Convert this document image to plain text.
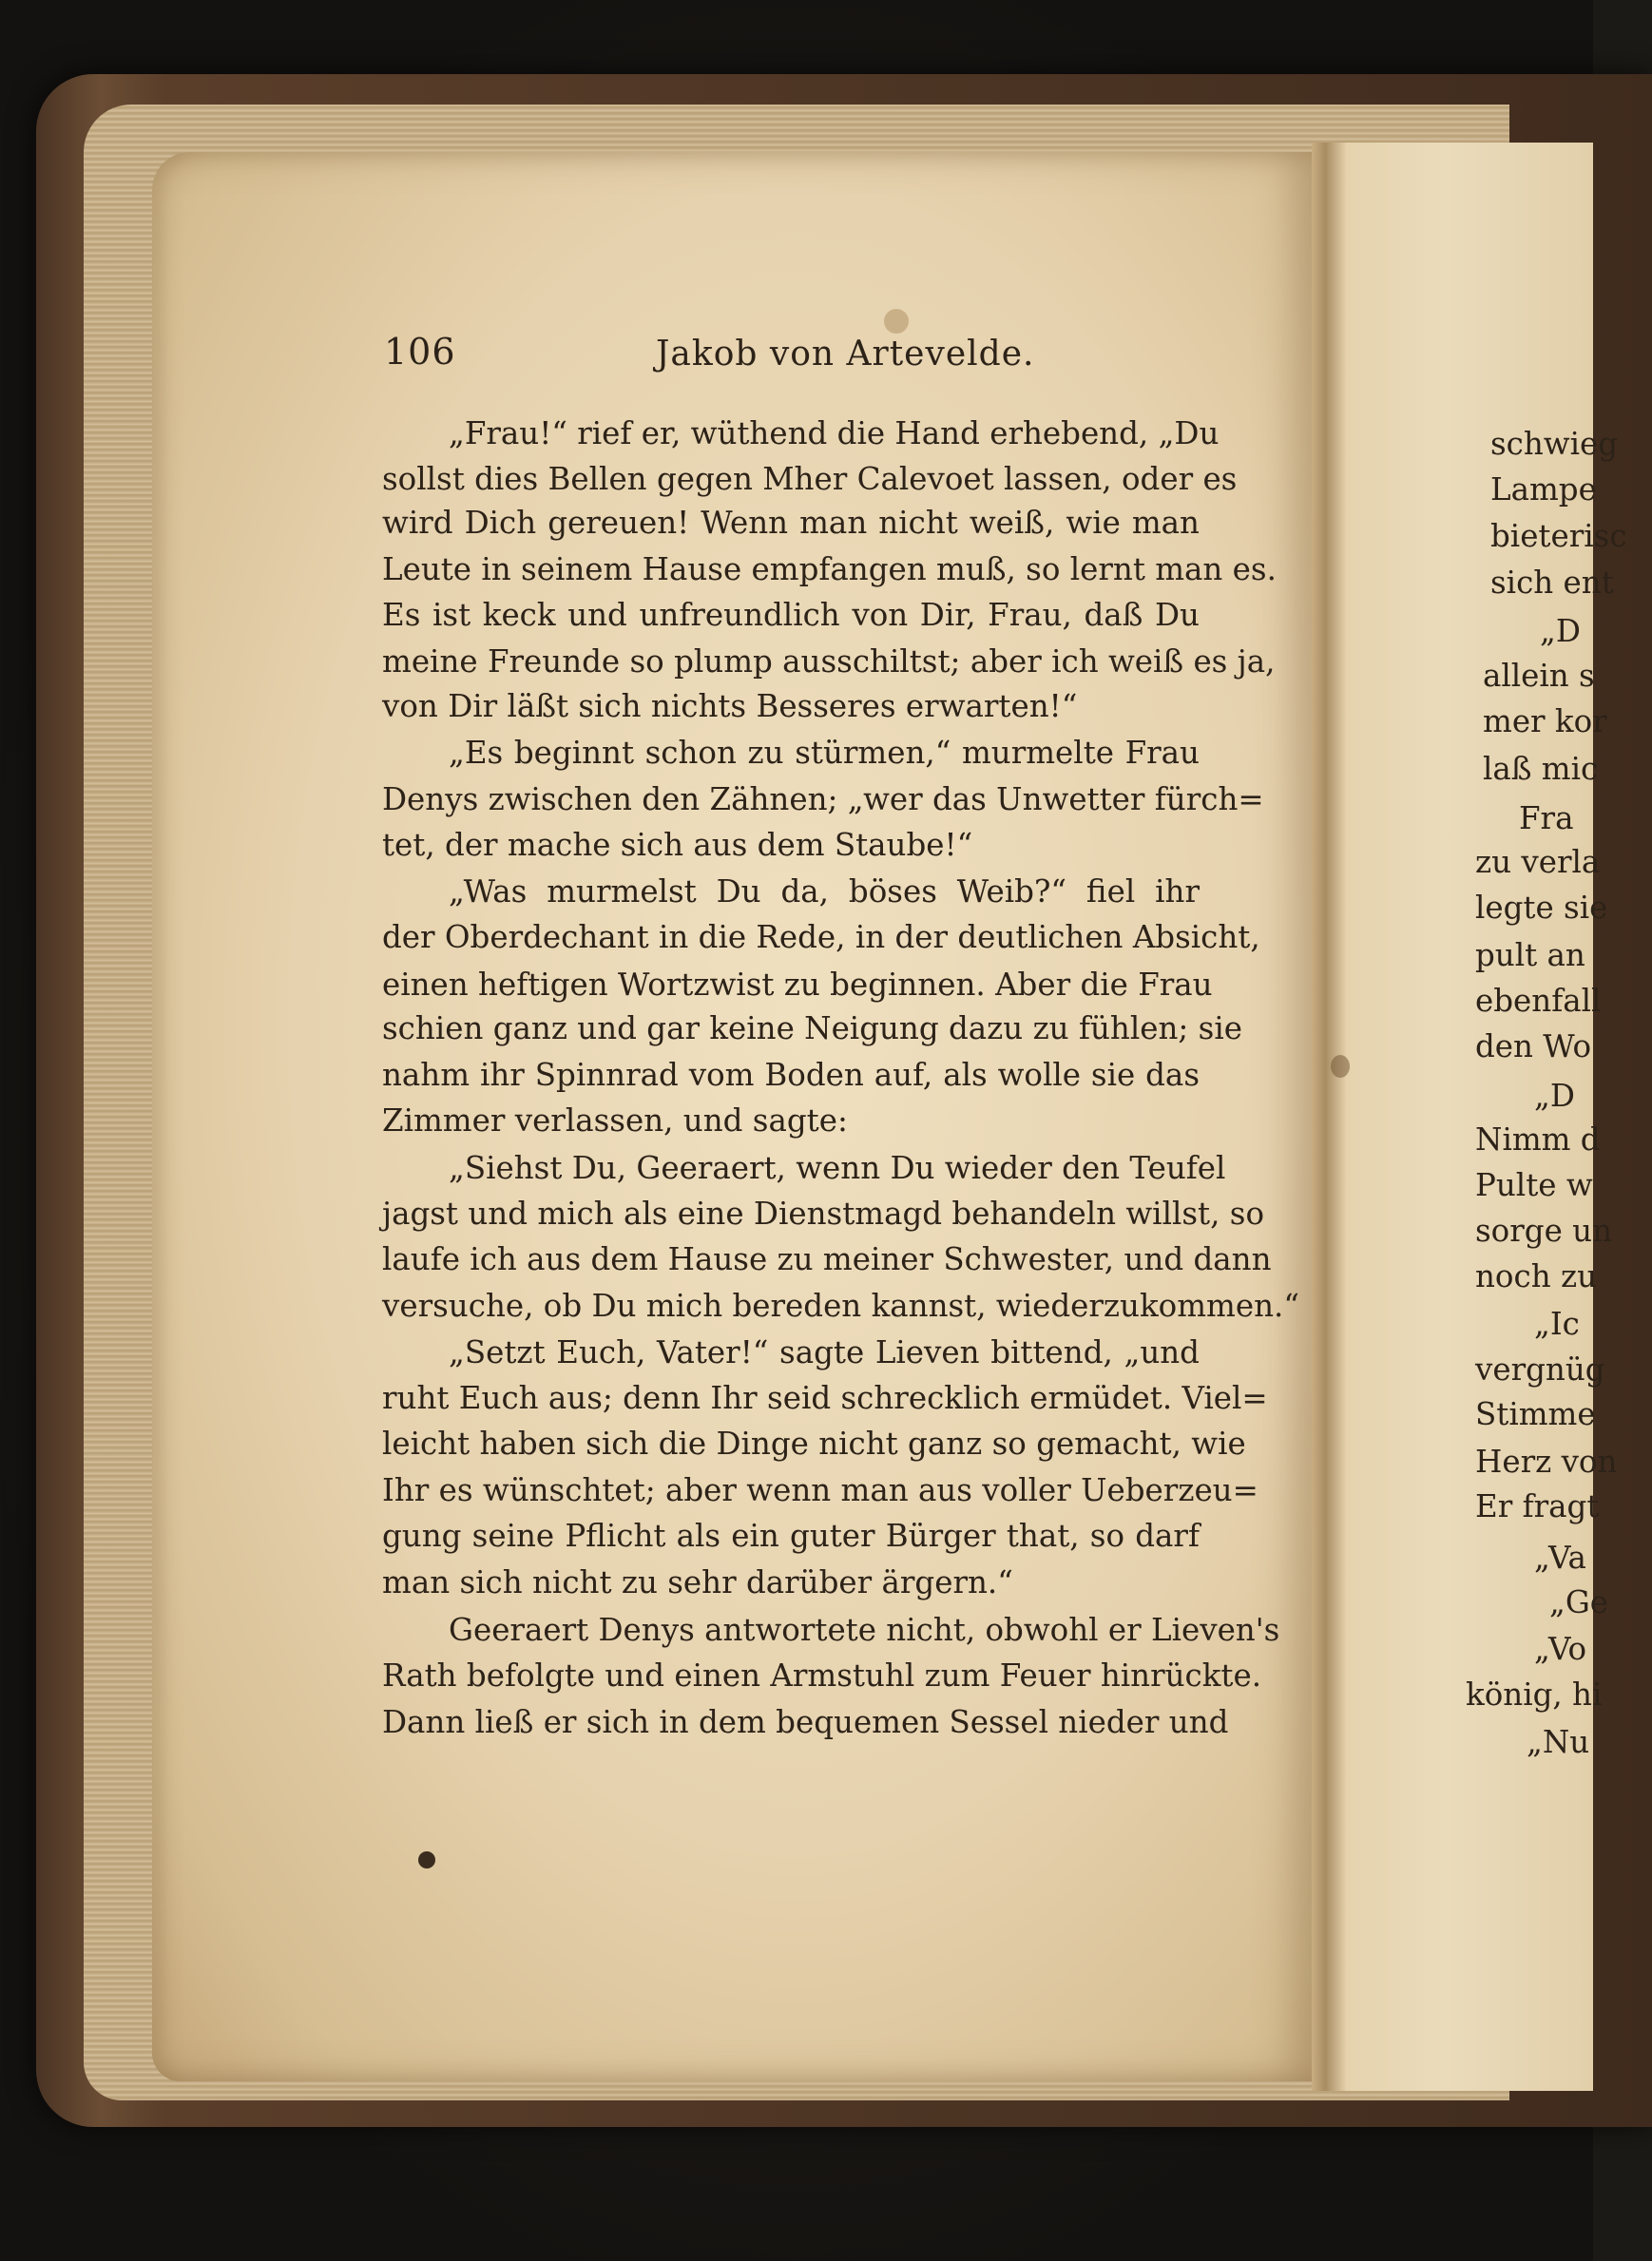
106	Jakob von Artevelde.
„Frau!“ rief er, wüthend die Hand erhebend, „Du
sollst dies Bellen gegen Mher Calevoet lassen, oder es
wird Dich gereuen! Wenn man nicht weiß, wie man
Leute in seinem Hause empfangen muß, so lernt man es.
Es ist keck und unfreundlich von Dir, Frau, daß Du
meine Freunde so plump ausschiltst; aber ich weiß es ja,
von Dir läßt sich nichts Besseres erwarten!“
„Es beginnt schon zu stürmen,“ murmelte Frau
Denys zwischen den Zähnen; „wer das Unwetter fürch=
tet, der mache sich aus dem Staube!“
„Was murmelst Du da, böses Weib?“ fiel ihr
der Oberdechant in die Rede, in der deutlichen Absicht,
einen heftigen Wortzwist zu beginnen. Aber die Frau
schien ganz und gar keine Neigung dazu zu fühlen; sie
nahm ihr Spinnrad vom Boden auf, als wolle sie das
Zimmer verlassen, und sagte:
„Siehst Du, Geeraert, wenn Du wieder den Teufel
jagst und mich als eine Dienstmagd behandeln willst, so
laufe ich aus dem Hause zu meiner Schwester, und dann
versuche, ob Du mich bereden kannst, wiederzukommen.“
„Setzt Euch, Vater!“ sagte Lieven bittend, „und
ruht Euch aus; denn Ihr seid schrecklich ermüdet. Viel=
leicht haben sich die Dinge nicht ganz so gemacht, wie
Ihr es wünschtet; aber wenn man aus voller Ueberzeu=
gung seine Pflicht als ein guter Bürger that, so darf
man sich nicht zu sehr darüber ärgern.“
Geeraert Denys antwortete nicht, obwohl er Lieven's
Rath befolgte und einen Armstuhl zum Feuer hinrückte.
Dann ließ er sich in dem bequemen Sessel nieder und
schwieg
Lampe
bieterisc
sich ent
„D
allein s
mer kor
laß mic
Fra
zu verla
legte sie
pult an
ebenfall
den Wo
„D
Nimm d
Pulte w
sorge un
noch zu
„Ic
vergnüg
Stimme
Herz von
Er fragt
„Va
„Ge
„Vo
könig, hi
„Nu
